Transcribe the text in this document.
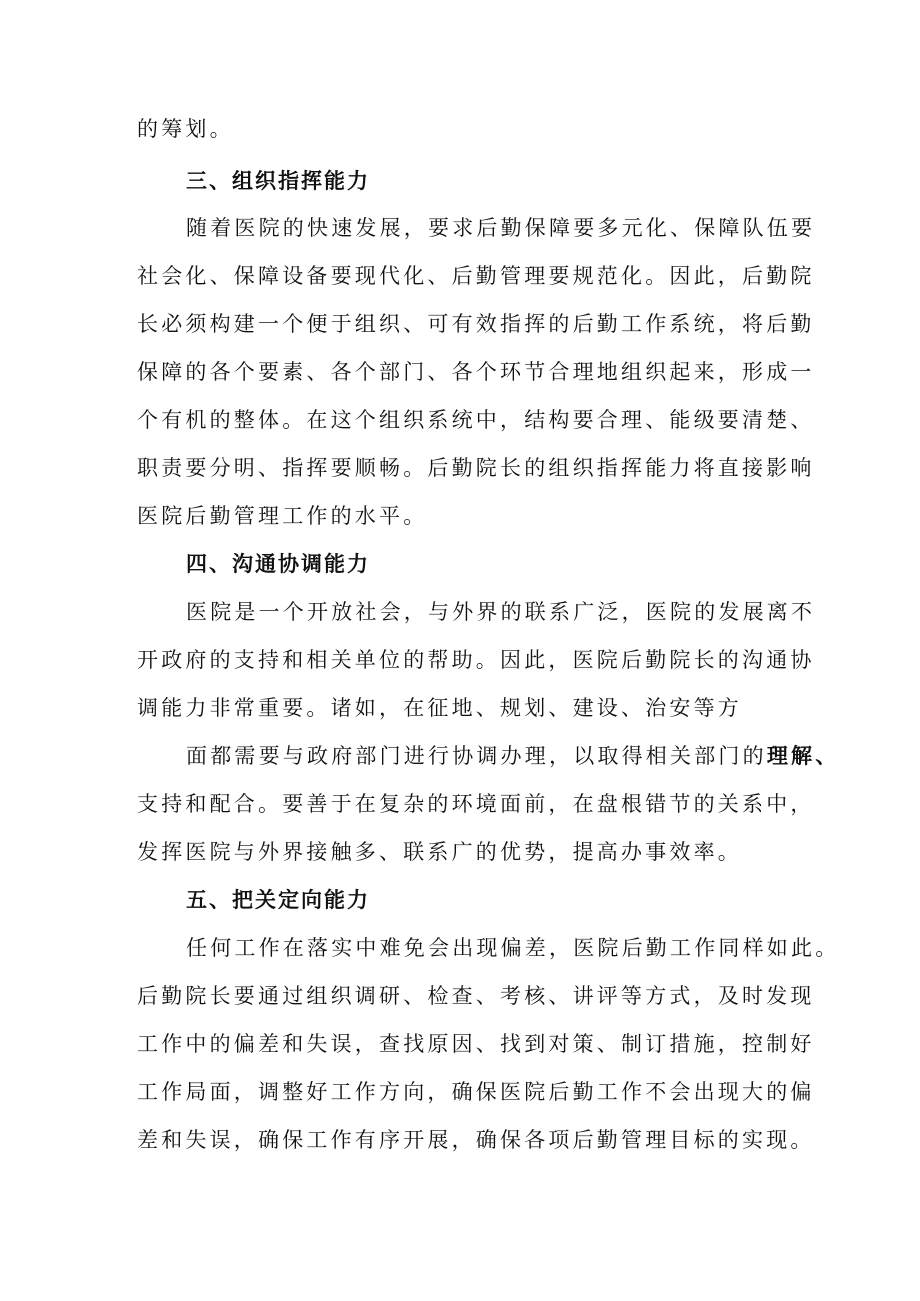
的筹划。
三、组织指挥能力
随着医院的快速发展，要求后勤保障要多元化、保障队伍要
社会化、保障设备要现代化、后勤管理要规范化。因此，后勤院
长必须构建一个便于组织、可有效指挥的后勤工作系统，将后勤
保障的各个要素、各个部门、各个环节合理地组织起来，形成一
个有机的整体。在这个组织系统中，结构要合理、能级要清楚、
职责要分明、指挥要顺畅。后勤院长的组织指挥能力将直接影响
医院后勤管理工作的水平。
四、沟通协调能力
医院是一个开放社会，与外界的联系广泛，医院的发展离不
开政府的支持和相关单位的帮助。因此，医院后勤院长的沟通协
调能力非常重要。诸如，在征地、规划、建设、治安等方
面都需要与政府部门进行协调办理，以取得相关部门的理解、
支持和配合。要善于在复杂的环境面前，在盘根错节的关系中，
发挥医院与外界接触多、联系广的优势，提高办事效率。
五、把关定向能力
任何工作在落实中难免会出现偏差，医院后勤工作同样如此。
后勤院长要通过组织调研、检查、考核、讲评等方式，及时发现
工作中的偏差和失误，查找原因、找到对策、制订措施，控制好
工作局面，调整好工作方向，确保医院后勤工作不会出现大的偏
差和失误，确保工作有序开展，确保各项后勤管理目标的实现。
